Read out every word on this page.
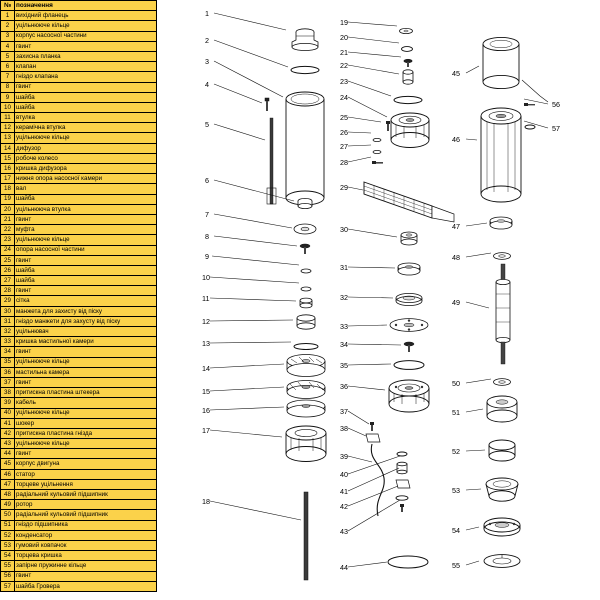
№	позначення
1	вихідний фланець
2	уцільнююче кільце
3	корпус насосної частини
4	гвинт
5	захисна планка
6	клапан
7	гніздо клапана
8	гвинт
9	шайба
10	шайба
11	втулка
12	керамічна втулка
13	уцільнююче кільце
14	дифузор
15	робоче колесо
16	кришка дифузора
17	нижня опора насосної камери
18	вал
19	шайба
20	уцільнююча втулка
21	гвинт
22	муфта
23	уцільнююче кільце
24	опора насосної частини
25	гвинт
26	шайба
27	шайба
28	гвинт
29	сітка
30	манжета для захисту від піску
31	гніздо манжети для захусту від піску
32	уцільнювач
33	кришка мастильної камери
34	гвинт
35	уцільнююче кільце
36	мастильна камера
37	гвинт
38	притискна пластина штекера
39	кабель
40	уцільнююче кільце
41	шокер
42	притискна пластина гнізда
43	уцільнююче кільце
44	гвинт
45	корпус двигуна
46	статор
47	торцеве уцільнення
48	радіальний кульовий підшипник
49	ротор
50	радіальний кульовий підшипник
51	гніздо підшипника
52	конденсатор
53	гумовий ковпачок
54	торцева кришка
55	запірне пружинне кільце
56	гвинт
57	шайба Гровера
1
2
3
4
5
6
7
8
9
10
11
12
13
14
15
16
17
18
19
20
21
22
23
24
25
26
27
28
29
30
31
32
33
34
35
36
37
38
39
40
41
42
43
44
45
46
47
48
49
50
51
52
53
54
55
56
57
